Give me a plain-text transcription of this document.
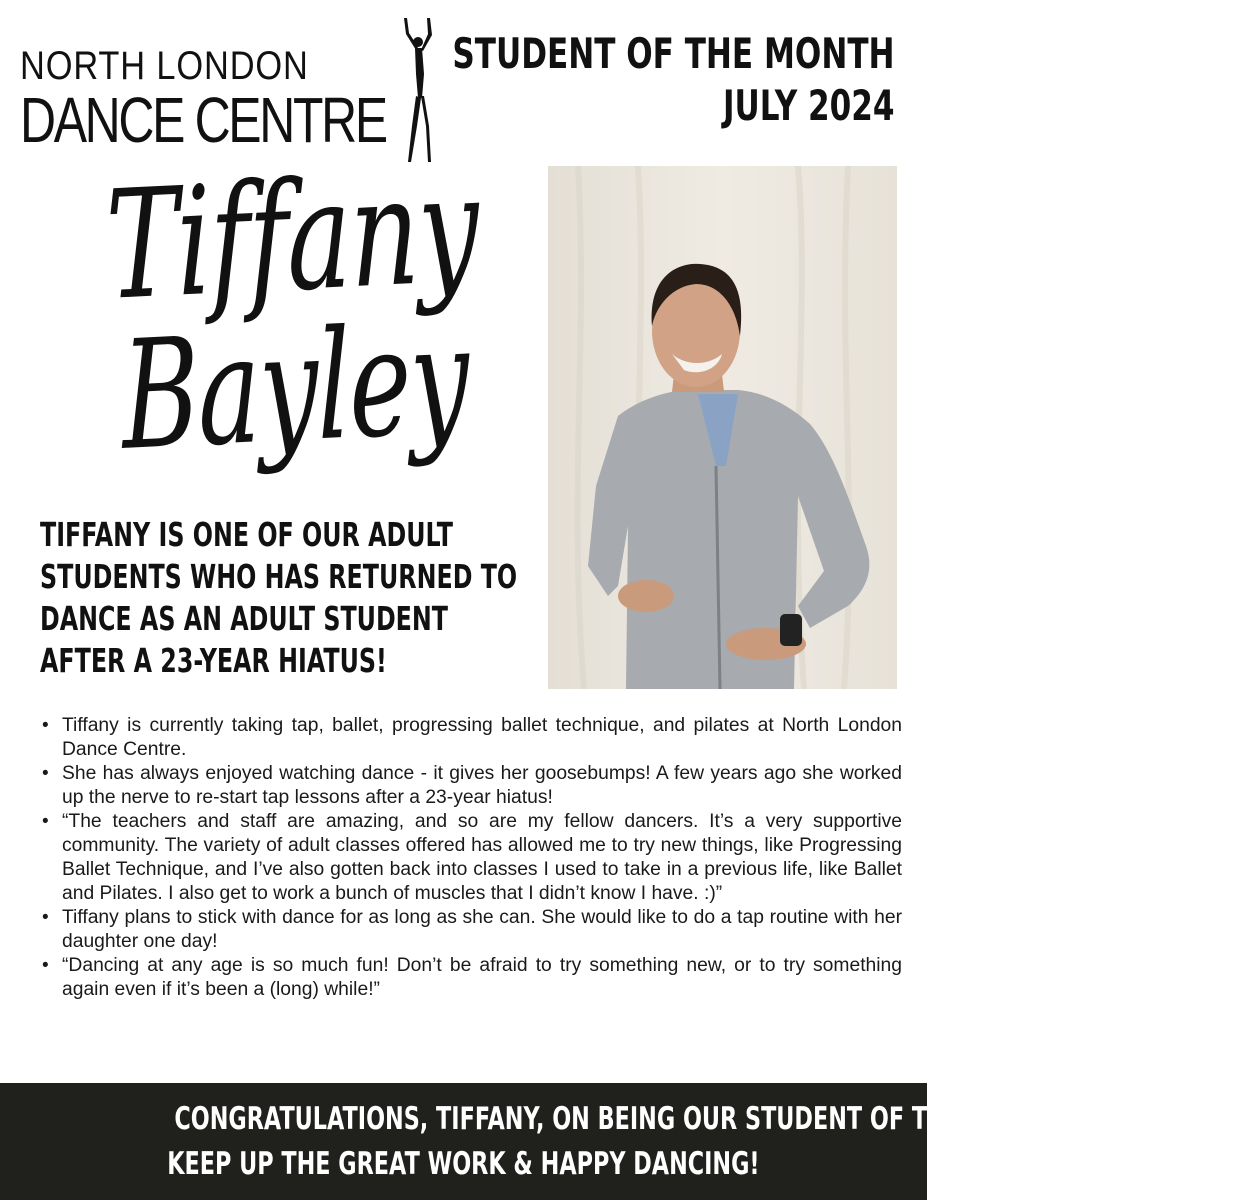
NORTH LONDON
DANCE CENTRE
STUDENT OF THE MONTH
JULY 2024
Tiffany
Bayley
TIFFANY IS ONE OF OUR ADULT
STUDENTS WHO HAS RETURNED TO
DANCE AS AN ADULT STUDENT
AFTER A 23-YEAR HIATUS!
• Tiffany is currently taking tap, ballet, progressing ballet technique, and pilates at North London Dance Centre.
• She has always enjoyed watching dance - it gives her goosebumps! A few years ago she worked up the nerve to re-start tap lessons after a 23-year hiatus!
• “The teachers and staff are amazing, and so are my fellow dancers. It’s a very supportive community. The variety of adult classes offered has allowed me to try new things, like Progressing Ballet Technique, and I’ve also gotten back into classes I used to take in a previous life, like Ballet and Pilates. I also get to work a bunch of muscles that I didn’t know I have. :)”
• Tiffany plans to stick with dance for as long as she can. She would like to do a tap routine with her daughter one day!
• “Dancing at any age is so much fun! Don’t be afraid to try something new, or to try something again even if it’s been a (long) while!”
CONGRATULATIONS, TIFFANY, ON BEING OUR STUDENT OF THE MONTH.
KEEP UP THE GREAT WORK & HAPPY DANCING!
